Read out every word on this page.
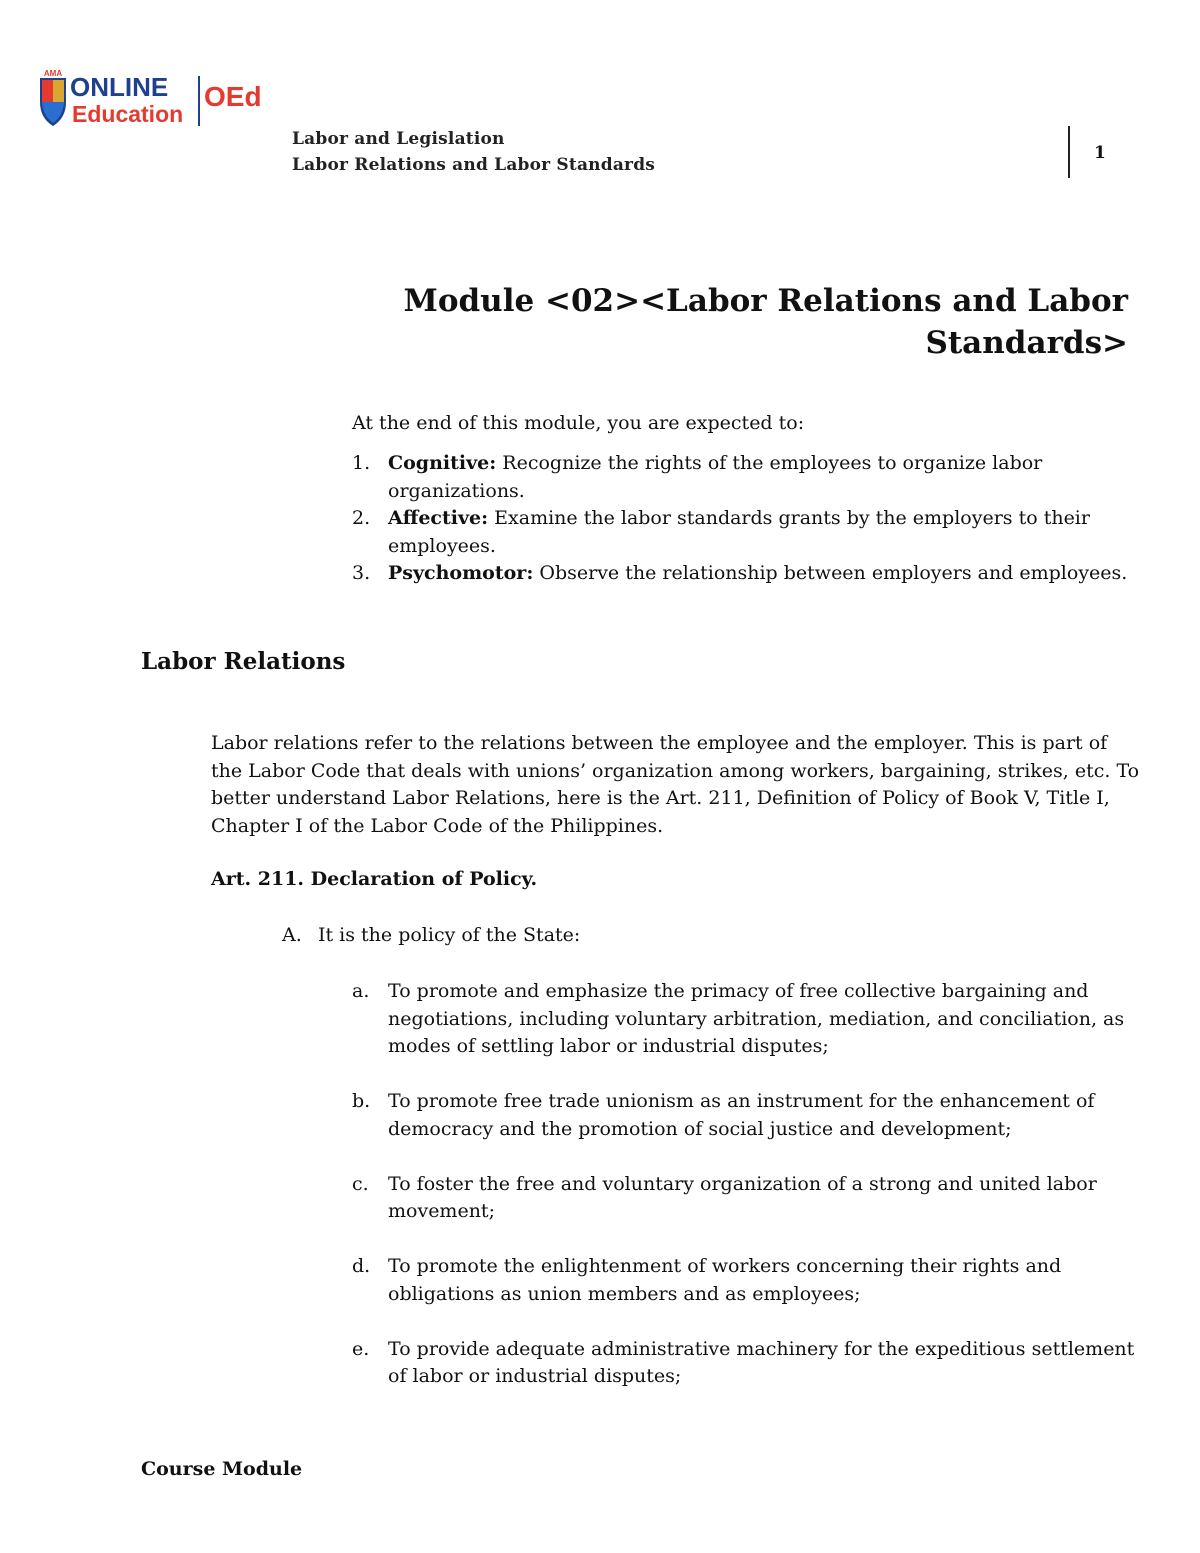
AMA ONLINE
Education
OEd
Labor and Legislation
Labor Relations and Labor Standards
1
Module <02><Labor Relations and Labor
Standards>
At the end of this module, you are expected to:
1. Cognitive: Recognize the rights of the employees to organize labor organizations.
2. Affective: Examine the labor standards grants by the employers to their employees.
3. Psychomotor: Observe the relationship between employers and employees.
Labor Relations
Labor relations refer to the relations between the employee and the employer. This is part of the Labor Code that deals with unions’ organization among workers, bargaining, strikes, etc. To better understand Labor Relations, here is the Art. 211, Definition of Policy of Book V, Title I, Chapter I of the Labor Code of the Philippines.
Art. 211. Declaration of Policy.
A. It is the policy of the State:
a. To promote and emphasize the primacy of free collective bargaining and negotiations, including voluntary arbitration, mediation, and conciliation, as modes of settling labor or industrial disputes;
b. To promote free trade unionism as an instrument for the enhancement of democracy and the promotion of social justice and development;
c. To foster the free and voluntary organization of a strong and united labor movement;
d. To promote the enlightenment of workers concerning their rights and obligations as union members and as employees;
e. To provide adequate administrative machinery for the expeditious settlement of labor or industrial disputes;
Course Module
